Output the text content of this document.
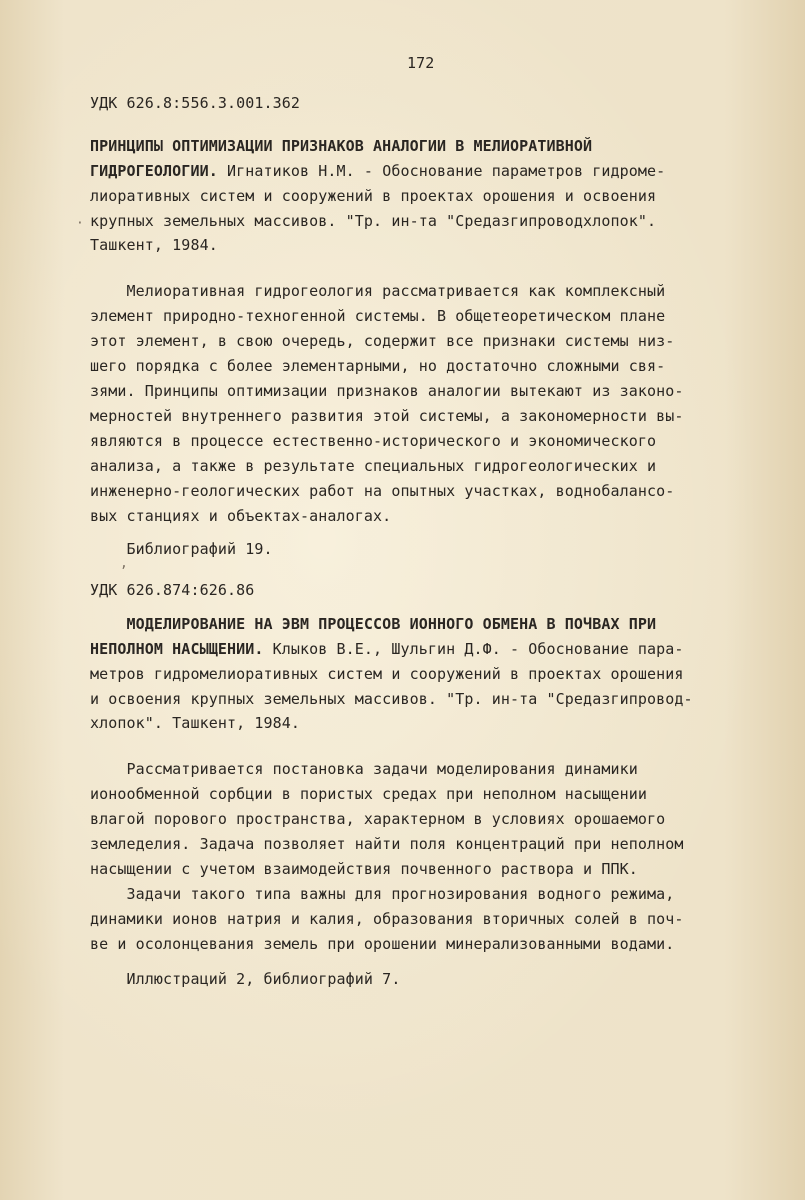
172
УДК 626.8:556.3.001.362
ПРИНЦИПЫ ОПТИМИЗАЦИИ ПРИЗНАКОВ АНАЛОГИИ В МЕЛИОРАТИВНОЙ
ГИДРОГЕОЛОГИИ. Игнатиков Н.М. - Обоснование параметров гидроме-
лиоративных систем и сооружений в проектах орошения и освоения
крупных земельных массивов. "Тр. ин-та "Средазгипроводхлопок".
Ташкент, 1984.
Мелиоративная гидрогеология рассматривается как комплексный
элемент природно-техногенной системы. В общетеоретическом плане
этот элемент, в свою очередь, содержит все признаки системы низ-
шего порядка с более элементарными, но достаточно сложными свя-
зями. Принципы оптимизации признаков аналогии вытекают из законо-
мерностей внутреннего развития этой системы, а закономерности вы-
являются в процессе естественно-исторического и экономического
анализа, а также в результате специальных гидрогеологических и
инженерно-геологических работ на опытных участках, воднобалансо-
вых станциях и объектах-аналогах.
Библиографий 19.
УДК 626.874:626.86
МОДЕЛИРОВАНИЕ НА ЭВМ ПРОЦЕССОВ ИОННОГО ОБМЕНА В ПОЧВАХ ПРИ
НЕПОЛНОМ НАСЫЩЕНИИ. Клыков В.Е., Шульгин Д.Ф. - Обоснование пара-
метров гидромелиоративных систем и сооружений в проектах орошения
и освоения крупных земельных массивов. "Тр. ин-та "Средазгипровод-
хлопок". Ташкент, 1984.
Рассматривается постановка задачи моделирования динамики
ионообменной сорбции в пористых средах при неполном насыщении
влагой порового пространства, характерном в условиях орошаемого
земледелия. Задача позволяет найти поля концентраций при неполном
насыщении с учетом взаимодействия почвенного раствора и ППК.
Задачи такого типа важны для прогнозирования водного режима,
динамики ионов натрия и калия, образования вторичных солей в поч-
ве и осолонцевания земель при орошении минерализованными водами.
Иллюстраций 2, библиографий 7.
·
,
